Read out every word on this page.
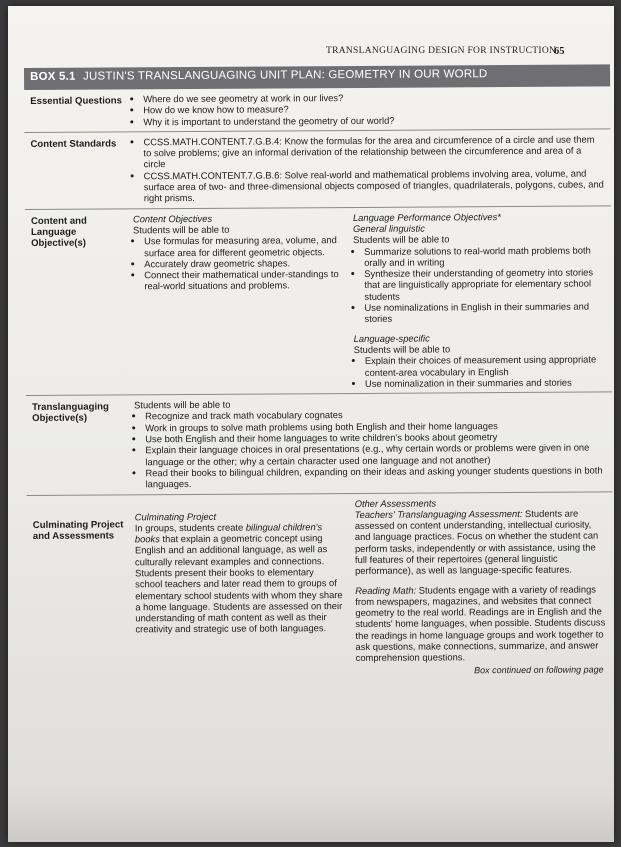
TRANSLANGUAGING DESIGN FOR INSTRUCTION
65
BOX 5.1 JUSTIN'S TRANSLANGUAGING UNIT PLAN: GEOMETRY IN OUR WORLD
Essential Questions	• Where do we see geometry at work in our lives?
• How do we know how to measure?
• Why it is important to understand the geometry of our world?
Content Standards	• CCSS.MATH.CONTENT.7.G.B.4: Know the formulas for the area and circumference of a circle and use them to solve problems; give an informal derivation of the relationship between the circumference and area of a circle
• CCSS.MATH.CONTENT.7.G.B.6: Solve real-world and mathematical problems involving area, volume, and surface area of two- and three-dimensional objects composed of triangles, quadrilaterals, polygons, cubes, and right prisms.
Content and Language Objective(s)
Content Objectives
Students will be able to
• Use formulas for measuring area, volume, and surface area for different geometric objects.
• Accurately draw geometric shapes.
• Connect their mathematical under-standings to real-world situations and problems.
Language Performance Objectives*
General linguistic
Students will be able to
• Summarize solutions to real-world math problems both orally and in writing
• Synthesize their understanding of geometry into stories that are linguistically appropriate for elementary school students
• Use nominalizations in English in their summaries and stories
Language-specific
Students will be able to
• Explain their choices of measurement using appropriate content-area vocabulary in English
• Use nominalization in their summaries and stories
Translanguaging Objective(s)
Students will be able to
• Recognize and track math vocabulary cognates
• Work in groups to solve math problems using both English and their home languages
• Use both English and their home languages to write children's books about geometry
• Explain their language choices in oral presentations (e.g., why certain words or problems were given in one language or the other; why a certain character used one language and not another)
• Read their books to bilingual children, expanding on their ideas and asking younger students questions in both languages.
Culminating Project and Assessments
Culminating Project
In groups, students create bilingual children's books that explain a geometric concept using English and an additional language, as well as culturally relevant examples and connections. Students present their books to elementary school teachers and later read them to groups of elementary school students with whom they share a home language. Students are assessed on their understanding of math content as well as their creativity and strategic use of both languages.
Other Assessments
Teachers' Translanguaging Assessment: Students are assessed on content understanding, intellectual curiosity, and language practices. Focus on whether the student can perform tasks, independently or with assistance, using the full features of their repertoires (general linguistic performance), as well as language-specific features.
Reading Math: Students engage with a variety of readings from newspapers, magazines, and websites that connect geometry to the real world. Readings are in English and the students' home languages, when possible. Students discuss the readings in home language groups and work together to ask questions, make connections, summarize, and answer comprehension questions.
Box continued on following page
